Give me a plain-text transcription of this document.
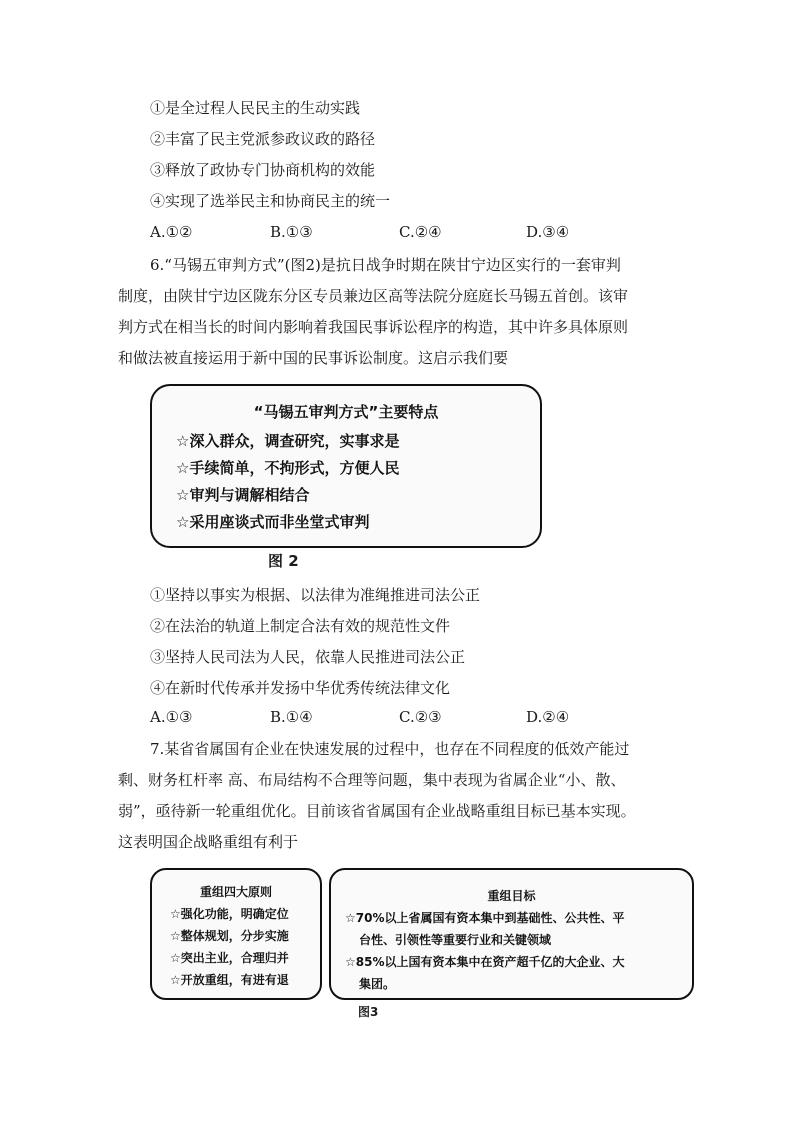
①是全过程人民民主的生动实践
②丰富了民主党派参政议政的路径
③释放了政协专门协商机构的效能
④实现了选举民主和协商民主的统一
A.①②	B.①③	C.②④	D.③④

6.“马锡五审判方式”(图2)是抗日战争时期在陕甘宁边区实行的一套审判

制度，由陕甘宁边区陇东分区专员兼边区高等法院分庭庭长马锡五首创。该审

判方式在相当长的时间内影响着我国民事诉讼程序的构造，其中许多具体原则

和做法被直接运用于新中国的民事诉讼制度。这启示我们要

“马锡五审判方式”主要特点
☆深入群众，调查研究，实事求是
☆手续简单，不拘形式，方便人民
☆审判与调解相结合
☆采用座谈式而非坐堂式审判
图 2
①坚持以事实为根据、以法律为准绳推进司法公正
②在法治的轨道上制定合法有效的规范性文件
③坚持人民司法为人民，依靠人民推进司法公正
④在新时代传承并发扬中华优秀传统法律文化
A.①③	B.①④	C.②③	D.②④

7.某省省属国有企业在快速发展的过程中，也存在不同程度的低效产能过

剩、财务杠杆率 高、布局结构不合理等问题，集中表现为省属企业“小、散、

弱”，亟待新一轮重组优化。目前该省省属国有企业战略重组目标已基本实现。

这表明国企战略重组有利于

重组四大原则
☆强化功能，明确定位
☆整体规划，分步实施
☆突出主业，合理归并
☆开放重组，有进有退
重组目标
☆70%以上省属国有资本集中到基础性、公共性、平
台性、引领性等重要行业和关键领域
☆85%以上国有资本集中在资产超千亿的大企业、大
集团。
图3
